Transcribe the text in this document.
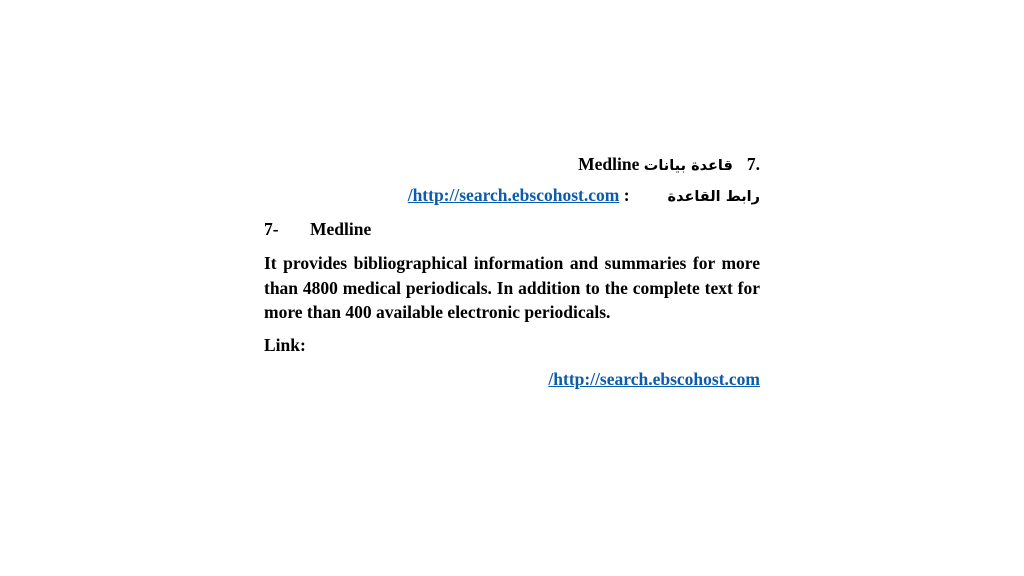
.7قاعدة بيانات Medline
رابط القاعدة: /http://search.ebscohost.com
7- Medline
It provides bibliographical information and summaries for more than 4800 medical periodicals. In addition to the complete text for more than 400 available electronic periodicals.
Link:
/http://search.ebscohost.com
